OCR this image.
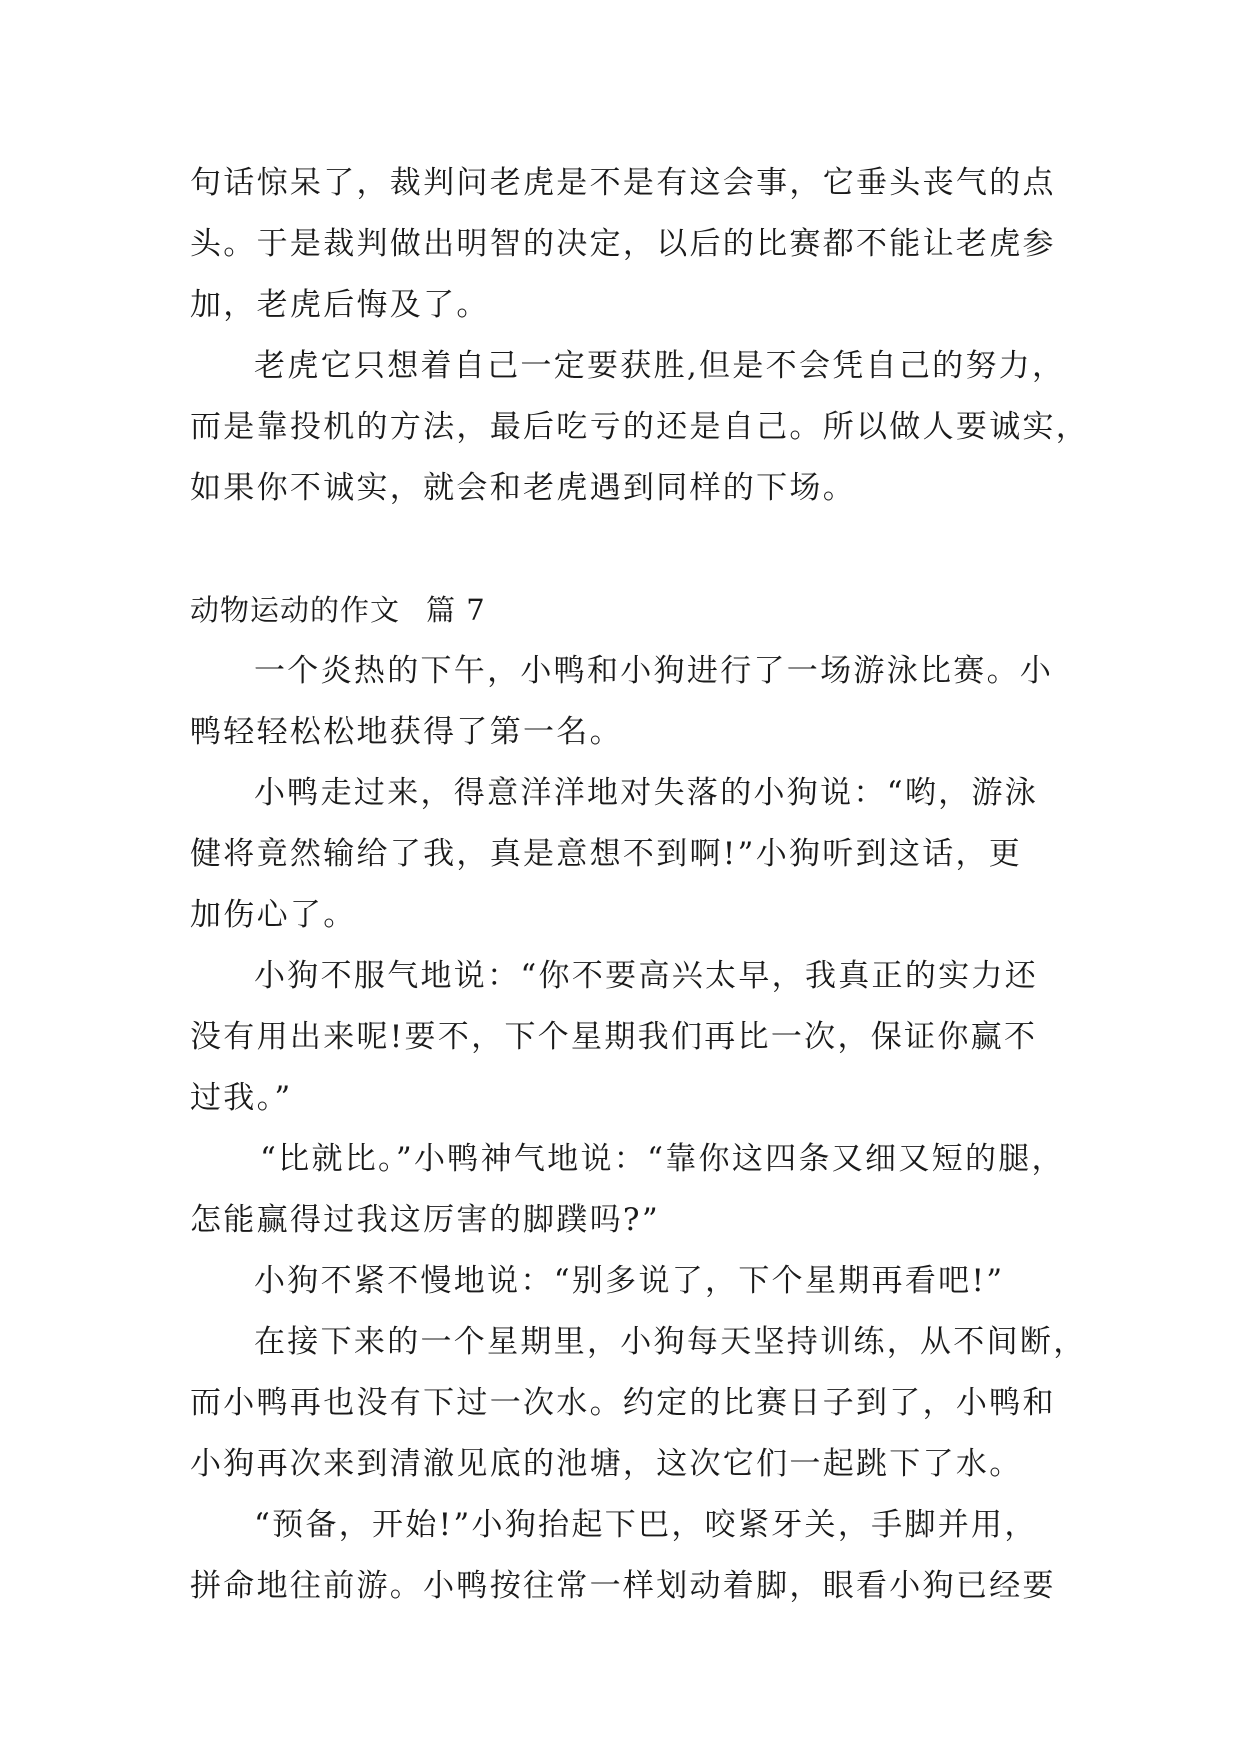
句话惊呆了，裁判问老虎是不是有这会事，它垂头丧气的点
头。于是裁判做出明智的决定，以后的比赛都不能让老虎参
加，老虎后悔及了。
老虎它只想着自己一定要获胜,但是不会凭自己的努力，
而是靠投机的方法，最后吃亏的还是自己。所以做人要诚实，
如果你不诚实，就会和老虎遇到同样的下场。
动物运动的作文 篇 7
一个炎热的下午，小鸭和小狗进行了一场游泳比赛。小
鸭轻轻松松地获得了第一名。
小鸭走过来，得意洋洋地对失落的小狗说：“哟，游泳
健将竟然输给了我，真是意想不到啊!”小狗听到这话，更
加伤心了。
小狗不服气地说：“你不要高兴太早，我真正的实力还
没有用出来呢!要不，下个星期我们再比一次，保证你赢不
过我。”
“比就比。”小鸭神气地说：“靠你这四条又细又短的腿，
怎能赢得过我这厉害的脚蹼吗?”
小狗不紧不慢地说：“别多说了，下个星期再看吧!”
在接下来的一个星期里，小狗每天坚持训练，从不间断，
而小鸭再也没有下过一次水。约定的比赛日子到了，小鸭和
小狗再次来到清澈见底的池塘，这次它们一起跳下了水。
“预备，开始!”小狗抬起下巴，咬紧牙关，手脚并用，
拼命地往前游。小鸭按往常一样划动着脚，眼看小狗已经要
